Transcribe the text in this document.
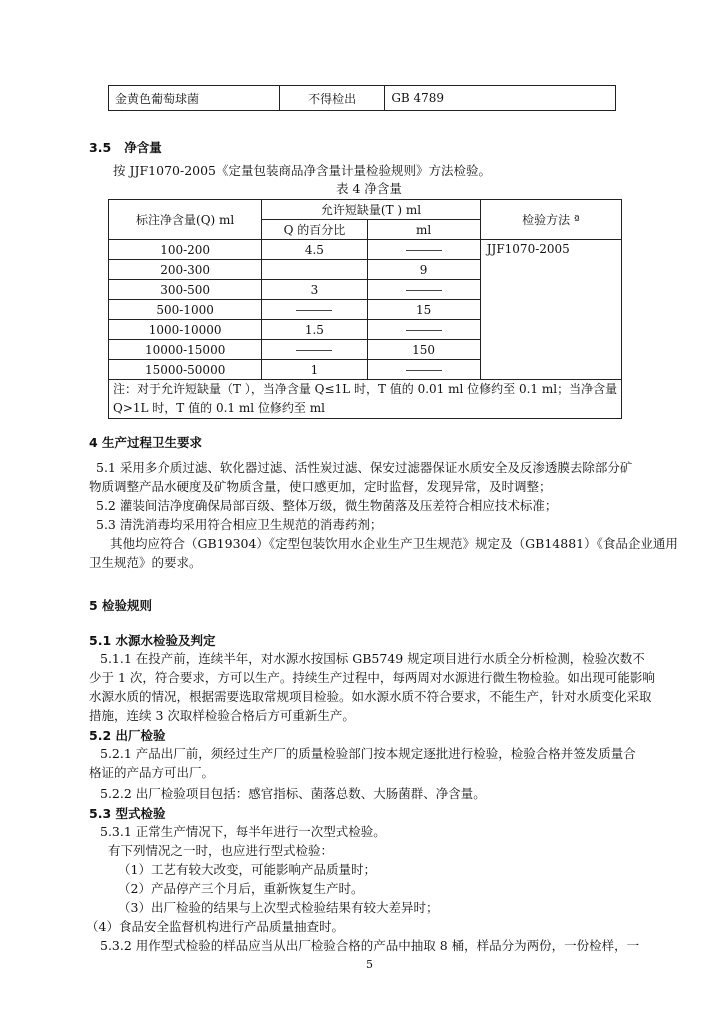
金黄色葡萄球菌	不得检出	GB 4789
3.5 净含量
按 JJF1070-2005《定量包装商品净含量计量检验规则》方法检验。
表 4 净含量
标注净含量(Q) ml	允许短缺量(T ) ml		检验方法 ª
	Q 的百分比	ml	
100-200	4.5		JJF1070-2005
200-300		9	
300-500	3		
500-1000		15	
1000-10000	1.5		
10000-15000		150	
15000-50000	1		

注：对于允许短缺量（T ），当净含量 Q≤1L 时，T 值的 0.01 ml 位修约至 0.1 ml；当净含量
Q>1L 时，T 值的 0.1 ml 位修约至 ml			
4 生产过程卫生要求
5.1 采用多介质过滤、软化器过滤、活性炭过滤、保安过滤器保证水质安全及反渗透膜去除部分矿
物质调整产品水硬度及矿物质含量，使口感更加，定时监督，发现异常，及时调整；
5.2 灌装间洁净度确保局部百级、整体万级，微生物菌落及压差符合相应技术标准；
5.3 清洗消毒均采用符合相应卫生规范的消毒药剂；
其他均应符合（GB19304）《定型包装饮用水企业生产卫生规范》规定及（GB14881）《食品企业通用
卫生规范》的要求。
5 检验规则
5.1 水源水检验及判定
5.1.1 在投产前，连续半年，对水源水按国标 GB5749 规定项目进行水质全分析检测，检验次数不
少于 1 次，符合要求，方可以生产。持续生产过程中，每两周对水源进行微生物检验。如出现可能影响
水源水质的情况，根据需要选取常规项目检验。如水源水质不符合要求，不能生产，针对水质变化采取
措施，连续 3 次取样检验合格后方可重新生产。
5.2 出厂检验
5.2.1 产品出厂前，须经过生产厂的质量检验部门按本规定逐批进行检验，检验合格并签发质量合
格证的产品方可出厂。
5.2.2 出厂检验项目包括：感官指标、菌落总数、大肠菌群、净含量。
5.3 型式检验
5.3.1 正常生产情况下，每半年进行一次型式检验。
有下列情况之一时，也应进行型式检验：
（1）工艺有较大改变，可能影响产品质量时；
（2）产品停产三个月后，重新恢复生产时。
（3）出厂检验的结果与上次型式检验结果有较大差异时；
（4）食品安全监督机构进行产品质量抽查时。
5.3.2 用作型式检验的样品应当从出厂检验合格的产品中抽取 8 桶，样品分为两份，一份检样，一
5
